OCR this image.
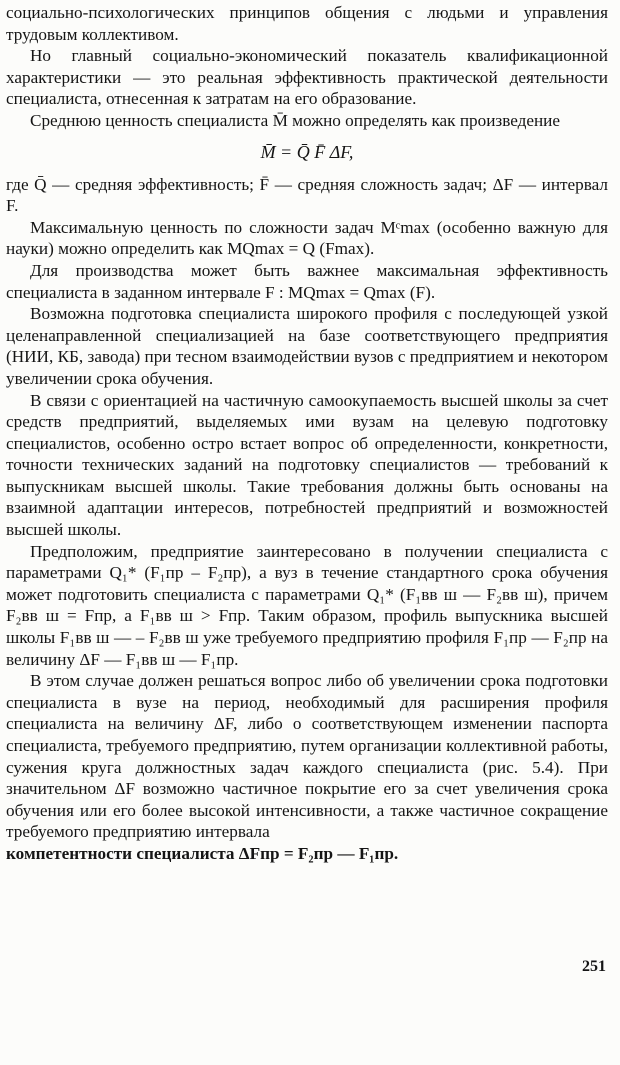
социально-психологических принципов общения с людьми и управления трудовым коллективом.

Но главный социально-экономический показатель квалификационной характеристики — это реальная эффективность практической деятельности специалиста, отнесенная к затратам на его образование.

Среднюю ценность специалиста M̄ можно определять как произведение

M̄ = Q̄ F̄ ΔF,

где Q̄ — средняя эффективность; F̄ — средняя сложность задач; ΔF — интервал F.

Максимальную ценность по сложности задач Mᶜmax (особенно важную для науки) можно определить как MQmax = Q (Fmax).

Для производства может быть важнее максимальная эффективность специалиста в заданном интервале F : MQmax = Qmax (F).

Возможна подготовка специалиста широкого профиля с последующей узкой целенаправленной специализацией на базе соответствующего предприятия (НИИ, КБ, завода) при тесном взаимодействии вузов с предприятием и некотором увеличении срока обучения.

В связи с ориентацией на частичную самоокупаемость высшей школы за счет средств предприятий, выделяемых ими вузам на целевую подготовку специалистов, особенно остро встает вопрос об определенности, конкретности, точности технических заданий на подготовку специалистов — требований к выпускникам высшей школы. Такие требования должны быть основаны на взаимной адаптации интересов, потребностей предприятий и возможностей высшей школы.

Предположим, предприятие заинтересовано в получении специалиста с параметрами Q₁* (F₁пр – F₂пр), а вуз в течение стандартного срока обучения может подготовить специалиста с параметрами Q₁* (F₁вв ш — F₂вв ш), причем F₂вв ш = Fпр, а F₁вв ш > Fпр. Таким образом, профиль выпускника высшей школы F₁вв ш — – F₂вв ш уже требуемого предприятию профиля F₁пр — F₂пр на величину ΔF — F₁вв ш — F₁пр.

В этом случае должен решаться вопрос либо об увеличении срока подготовки специалиста в вузе на период, необходимый для расширения профиля специалиста на величину ΔF, либо о соответствующем изменении паспорта специалиста, требуемого предприятию, путем организации коллективной работы, сужения круга должностных задач каждого специалиста (рис. 5.4). При значительном ΔF возможно частичное покрытие его за счет увеличения срока обучения или его более высокой интенсивности, а также частичное сокращение требуемого предприятию интервала

компетентности специалиста ΔFпр = F₂пр — F₁пр.

251
